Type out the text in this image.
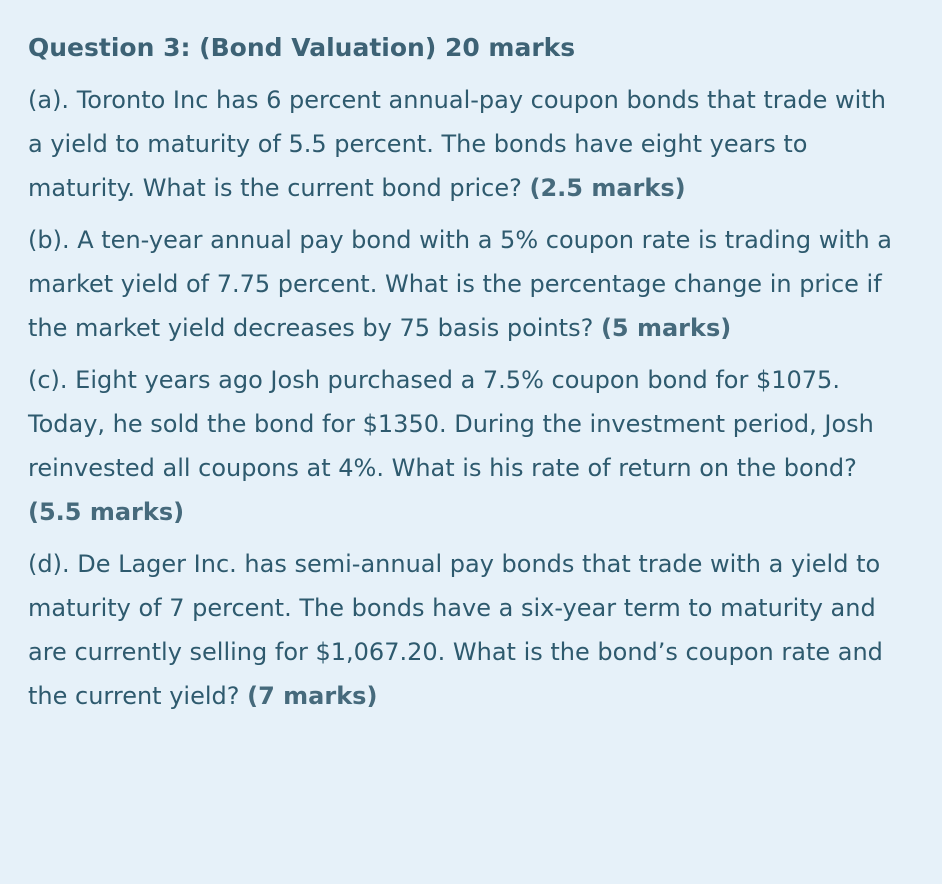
Question 3: (Bond Valuation) 20 marks

(a). Toronto Inc has 6 percent annual-pay coupon bonds that trade with a yield to maturity of 5.5 percent. The bonds have eight years to maturity. What is the current bond price? (2.5 marks)

(b). A ten-year annual pay bond with a 5% coupon rate is trading with a market yield of 7.75 percent. What is the percentage change in price if the market yield decreases by 75 basis points? (5 marks)

(c). Eight years ago Josh purchased a 7.5% coupon bond for $1075. Today, he sold the bond for $1350. During the investment period, Josh reinvested all coupons at 4%. What is his rate of return on the bond? (5.5 marks)

(d). De Lager Inc. has semi-annual pay bonds that trade with a yield to maturity of 7 percent. The bonds have a six-year term to maturity and are currently selling for $1,067.20. What is the bond’s coupon rate and the current yield? (7 marks)
